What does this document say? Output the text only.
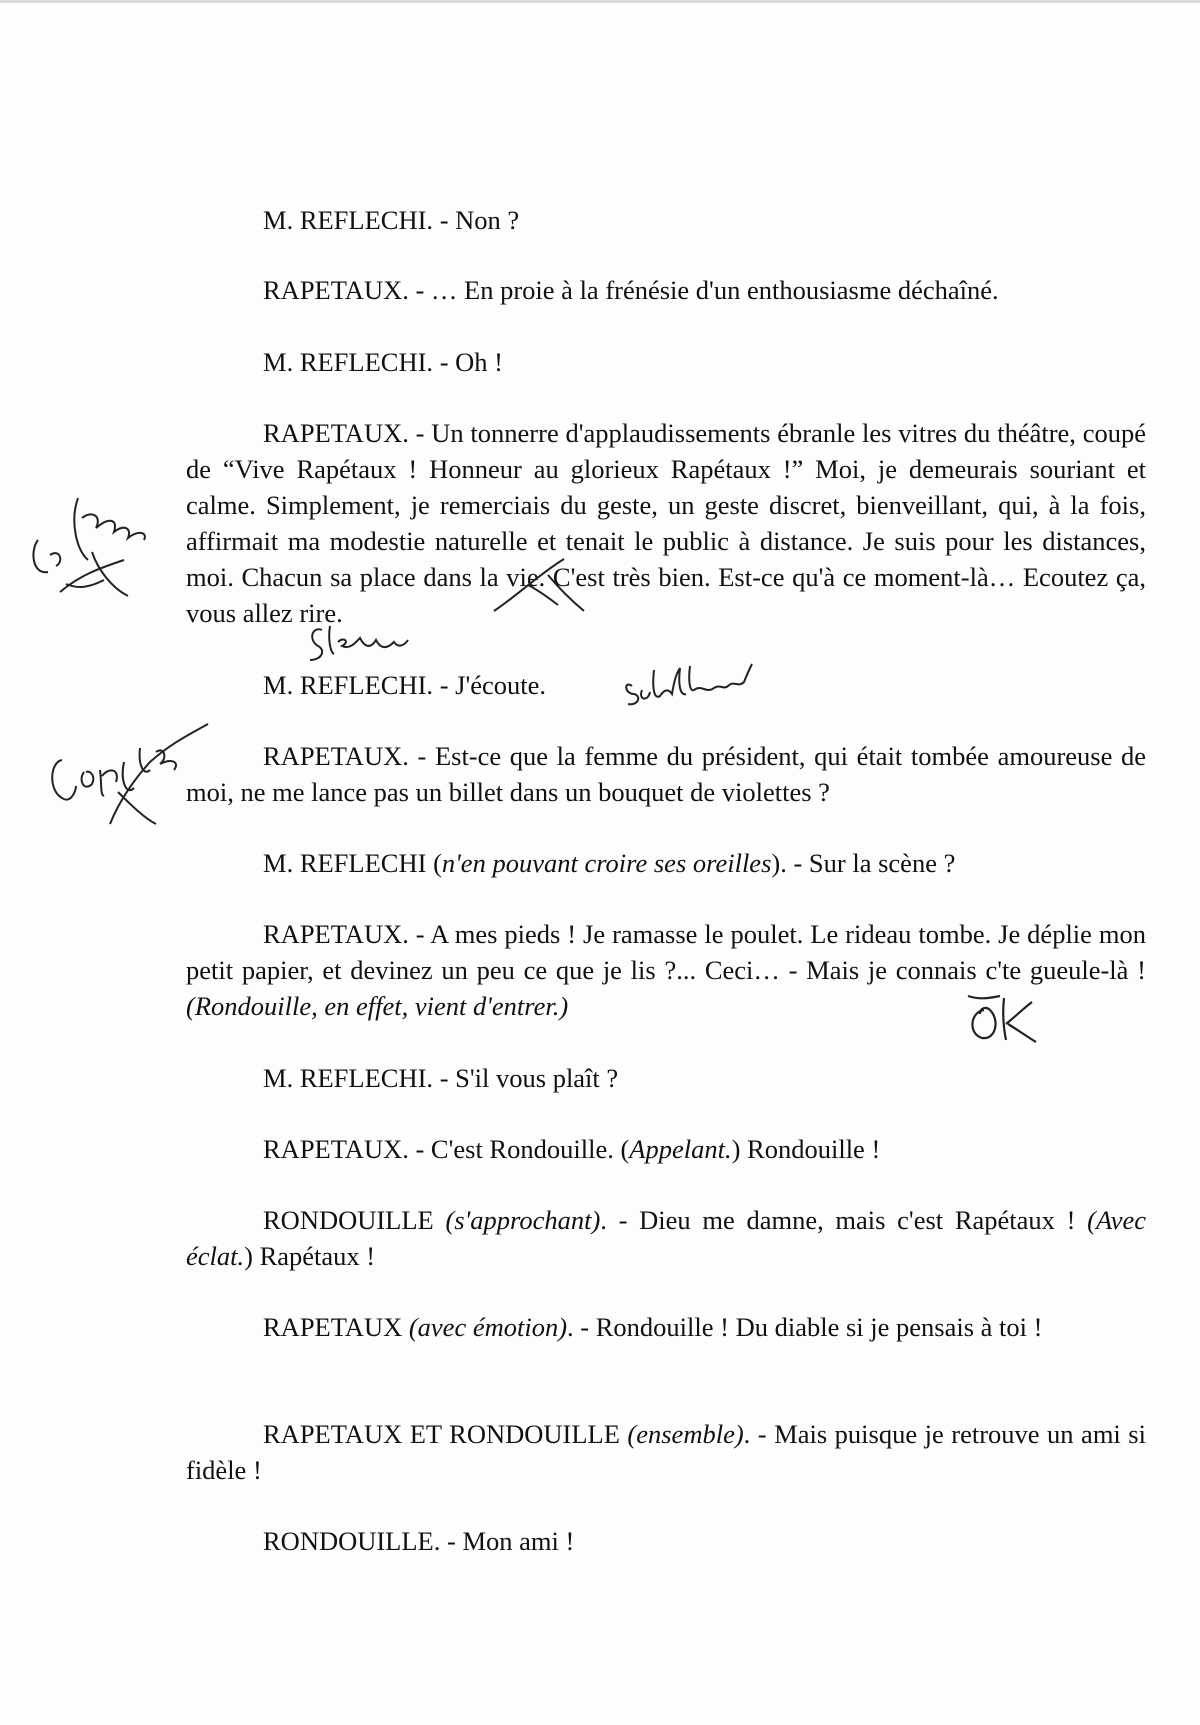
M. REFLECHI. - Non ?

RAPETAUX. - … En proie à la frénésie d'un enthousiasme déchaîné.

M. REFLECHI. - Oh !

RAPETAUX. - Un tonnerre d'applaudissements ébranle les vitres du théâtre, coupé de “Vive Rapétaux ! Honneur au glorieux Rapétaux !” Moi, je demeurais souriant et calme. Simplement, je remerciais du geste, un geste discret, bienveillant, qui, à la fois, affirmait ma modestie naturelle et tenait le public à distance. Je suis pour les distances, moi. Chacun sa place dans la vie. C'est très bien. Est-ce qu'à ce moment-là… Ecoutez ça, vous allez rire.

M. REFLECHI. - J'écoute.

RAPETAUX. - Est-ce que la femme du président, qui était tombée amoureuse de moi, ne me lance pas un billet dans un bouquet de violettes ?

M. REFLECHI (n'en pouvant croire ses oreilles). - Sur la scène ?

RAPETAUX. - A mes pieds ! Je ramasse le poulet. Le rideau tombe. Je déplie mon petit papier, et devinez un peu ce que je lis ?... Ceci… - Mais je connais c'te gueule-là ! (Rondouille, en effet, vient d'entrer.)

M. REFLECHI. - S'il vous plaît ?

RAPETAUX. - C'est Rondouille. (Appelant.) Rondouille !

RONDOUILLE (s'approchant). - Dieu me damne, mais c'est Rapétaux ! (Avec éclat.) Rapétaux !

RAPETAUX (avec émotion). - Rondouille ! Du diable si je pensais à toi !

RAPETAUX ET RONDOUILLE (ensemble). - Mais puisque je retrouve un ami si fidèle !

RONDOUILLE. - Mon ami !
